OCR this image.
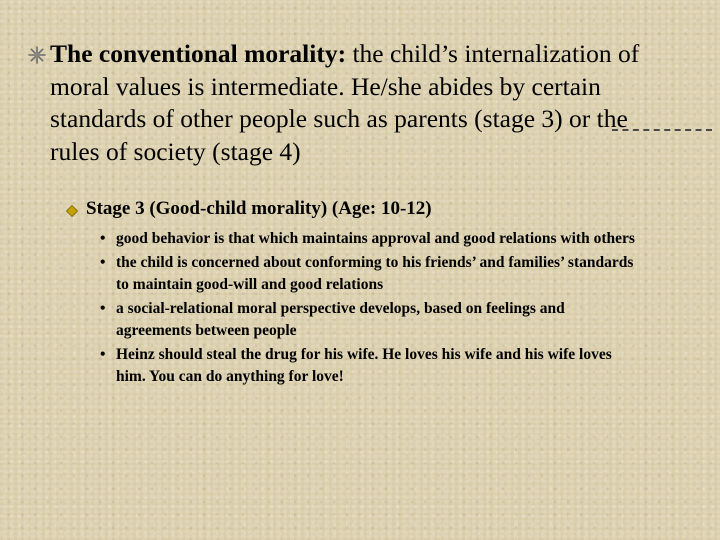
The conventional morality: the child’s internalization of moral values is intermediate. He/she abides by certain standards of other people such as parents (stage 3) or the rules of society (stage 4)
Stage 3 (Good-child morality) (Age: 10-12)
• good behavior is that which maintains approval and good relations with others
• the child is concerned about conforming to his friends’ and families’ standards to maintain good-will and good relations
• a social-relational moral perspective develops, based on feelings and agreements between people
• Heinz should steal the drug for his wife. He loves his wife and his wife loves him. You can do anything for love!
